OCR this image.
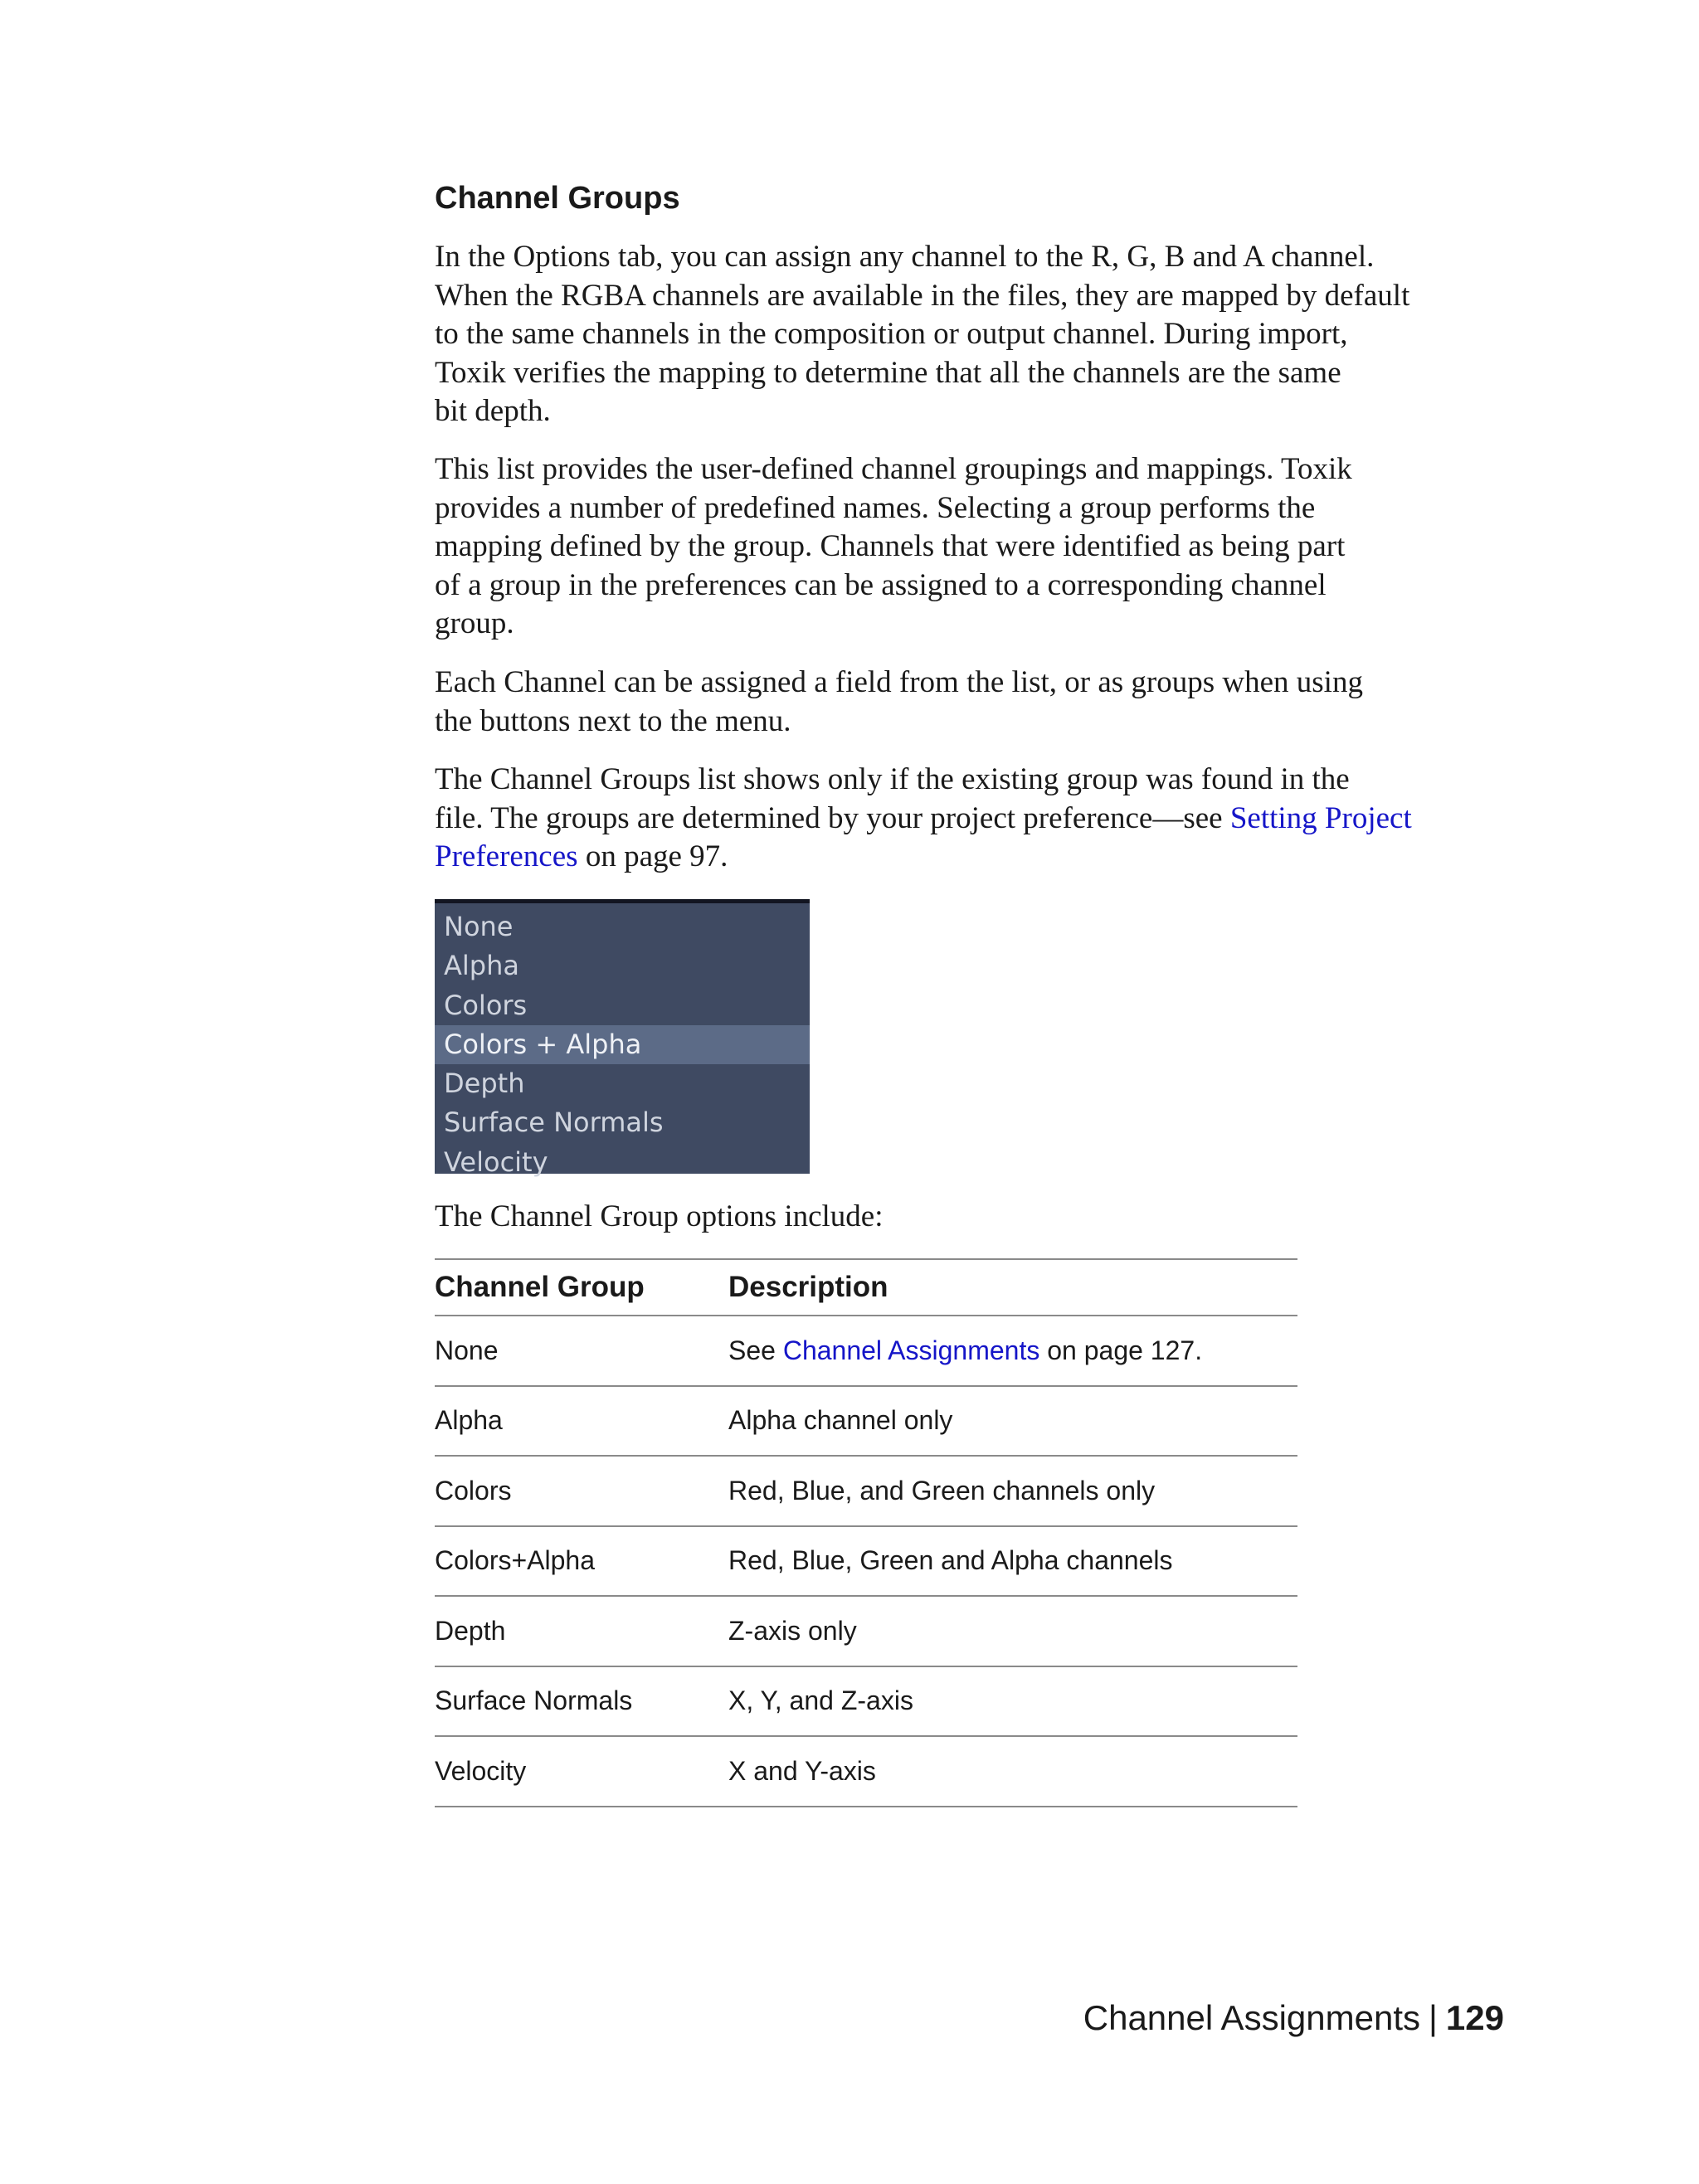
Channel Groups

In the Options tab, you can assign any channel to the R, G, B and A channel.
When the RGBA channels are available in the files, they are mapped by default
to the same channels in the composition or output channel. During import,
Toxik verifies the mapping to determine that all the channels are the same
bit depth.

This list provides the user-defined channel groupings and mappings. Toxik
provides a number of predefined names. Selecting a group performs the
mapping defined by the group. Channels that were identified as being part
of a group in the preferences can be assigned to a corresponding channel
group.

Each Channel can be assigned a field from the list, or as groups when using
the buttons next to the menu.

The Channel Groups list shows only if the existing group was found in the
file. The groups are determined by your project preference—see Setting Project
Preferences on page 97.

None
Alpha
Colors
Colors + Alpha
Depth
Surface Normals
Velocity

The Channel Group options include:

Channel Group	Description
None	See Channel Assignments on page 127.
Alpha	Alpha channel only
Colors	Red, Blue, and Green channels only
Colors+Alpha	Red, Blue, Green and Alpha channels
Depth	Z-axis only
Surface Normals	X, Y, and Z-axis
Velocity	X and Y-axis
Channel Assignments | 129
